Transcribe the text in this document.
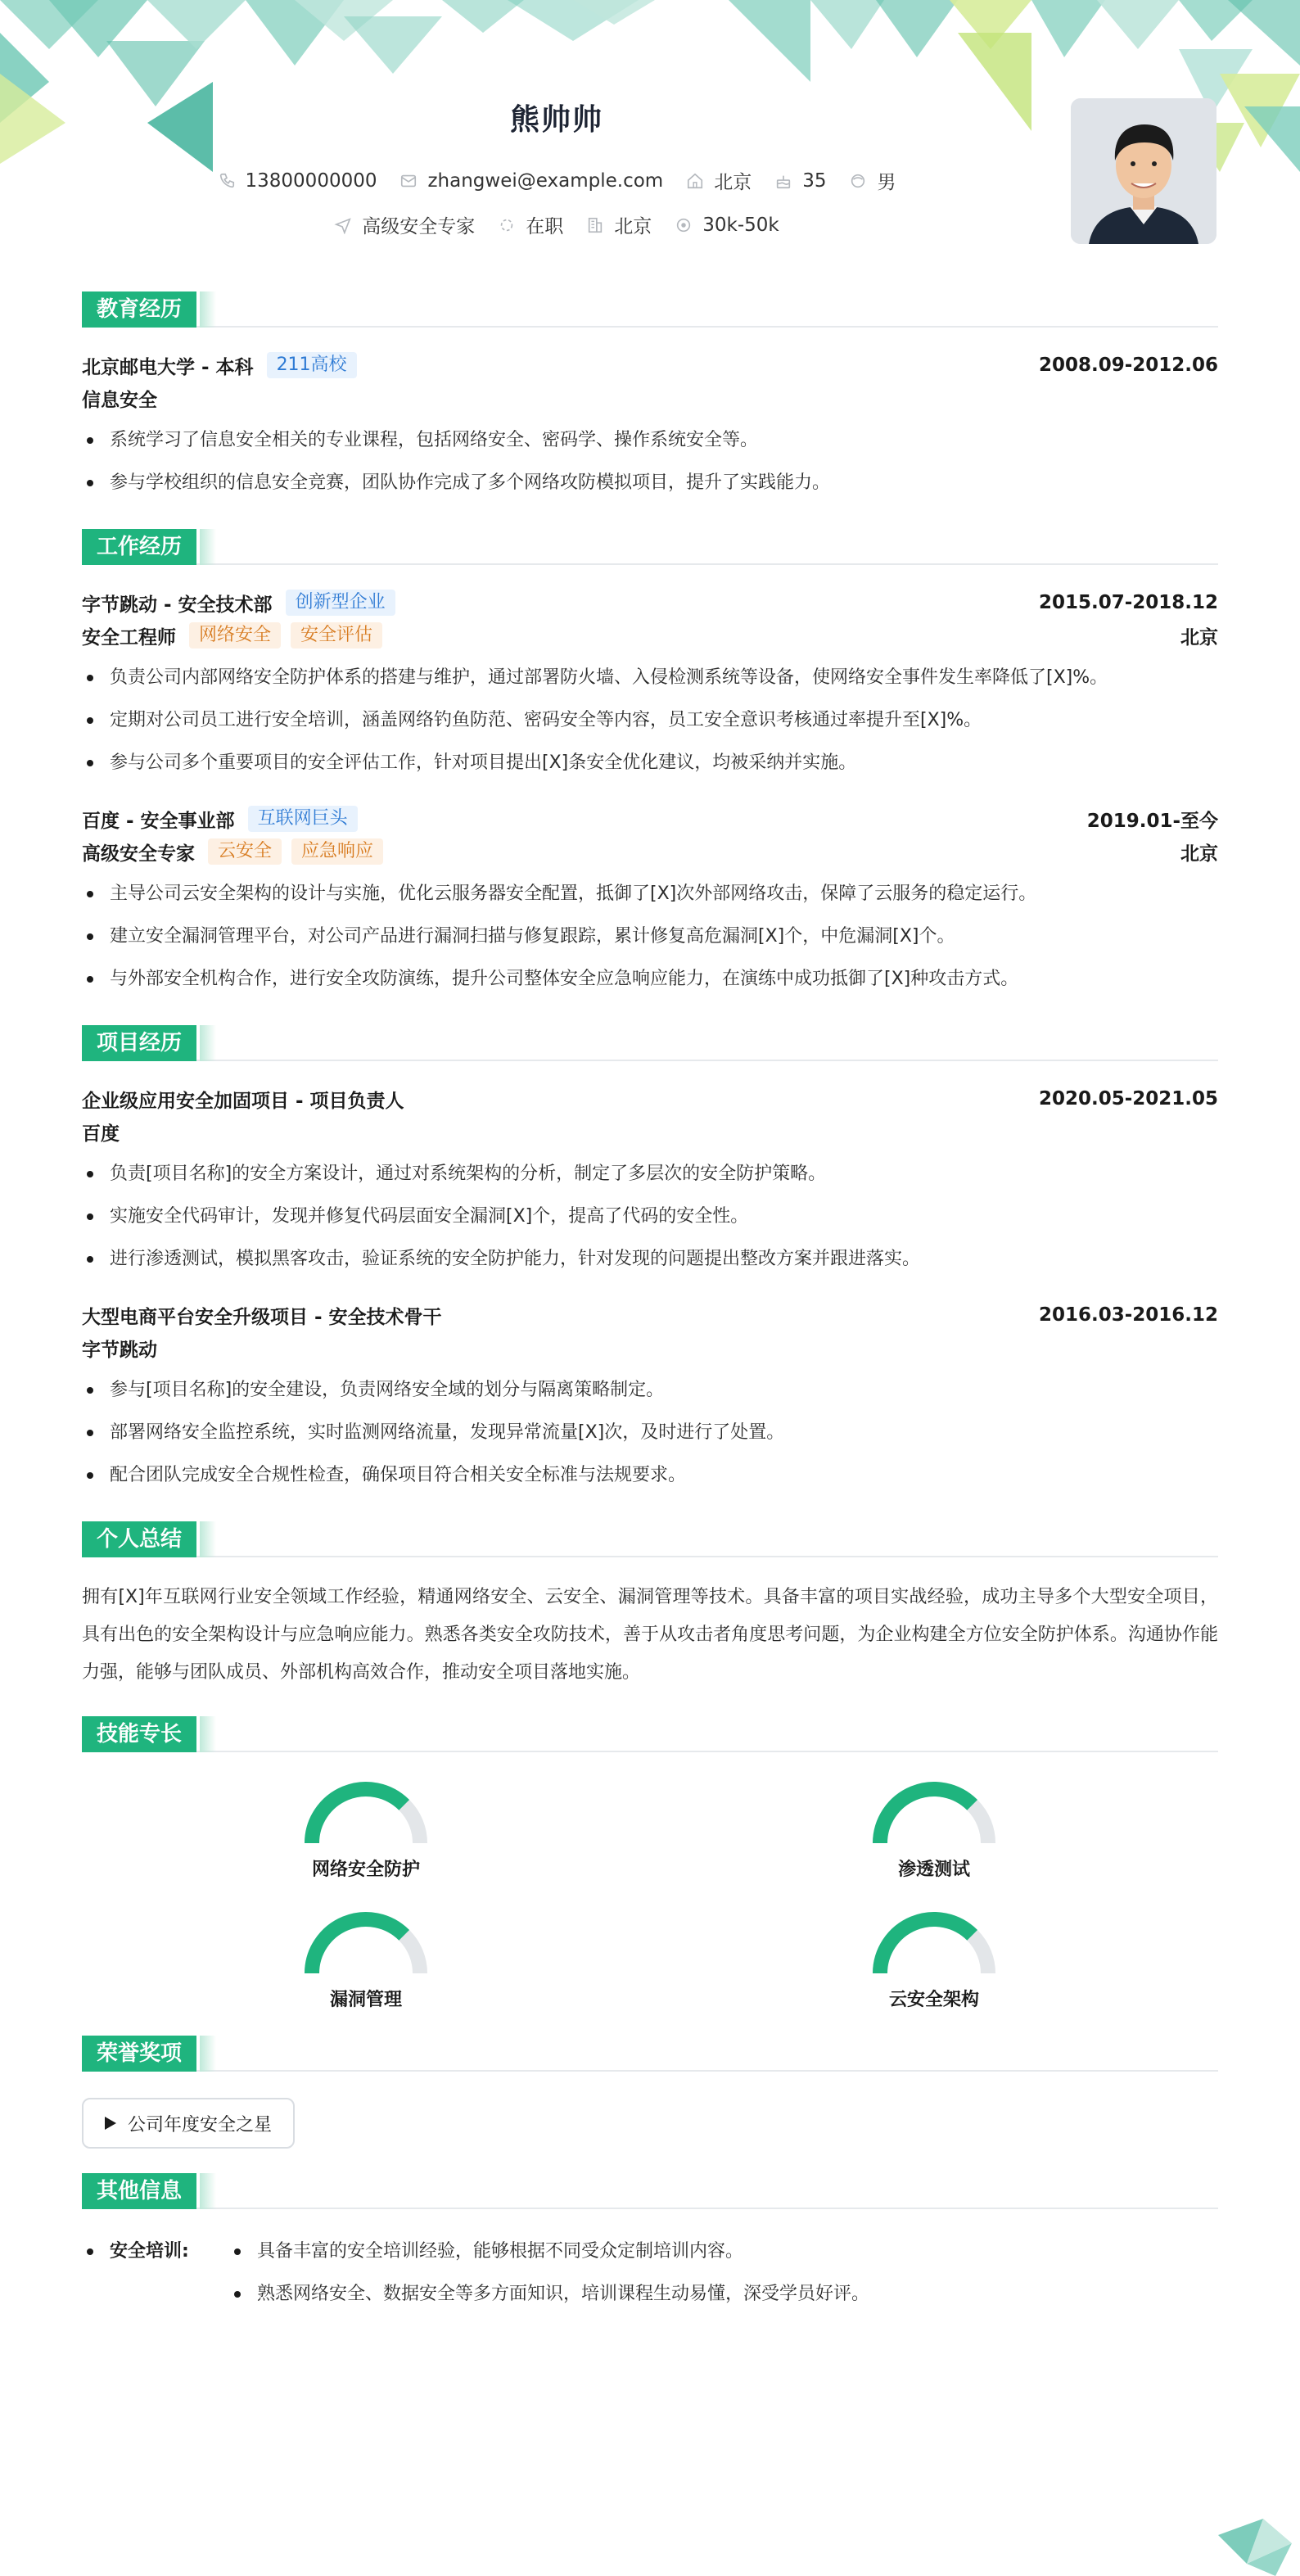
熊帅帅
13800000000	zhangwei@example.com	北京	35	男
高级安全专家	在职	北京	30k-50k
教育经历
北京邮电大学 - 本科	211高校	2008.09-2012.06
信息安全
系统学习了信息安全相关的专业课程，包括网络安全、密码学、操作系统安全等。
参与学校组织的信息安全竞赛，团队协作完成了多个网络攻防模拟项目，提升了实践能力。
工作经历
字节跳动 - 安全技术部	创新型企业	2015.07-2018.12
安全工程师	网络安全	安全评估	北京
负责公司内部网络安全防护体系的搭建与维护，通过部署防火墙、入侵检测系统等设备，使网络安全事件发生率降低了[X]%。
定期对公司员工进行安全培训，涵盖网络钓鱼防范、密码安全等内容，员工安全意识考核通过率提升至[X]%。
参与公司多个重要项目的安全评估工作，针对项目提出[X]条安全优化建议，均被采纳并实施。
百度 - 安全事业部	互联网巨头	2019.01-至今
高级安全专家	云安全	应急响应	北京
主导公司云安全架构的设计与实施，优化云服务器安全配置，抵御了[X]次外部网络攻击，保障了云服务的稳定运行。
建立安全漏洞管理平台，对公司产品进行漏洞扫描与修复跟踪，累计修复高危漏洞[X]个，中危漏洞[X]个。
与外部安全机构合作，进行安全攻防演练，提升公司整体安全应急响应能力，在演练中成功抵御了[X]种攻击方式。
项目经历
企业级应用安全加固项目 - 项目负责人	2020.05-2021.05
百度
负责[项目名称]的安全方案设计，通过对系统架构的分析，制定了多层次的安全防护策略。
实施安全代码审计，发现并修复代码层面安全漏洞[X]个，提高了代码的安全性。
进行渗透测试，模拟黑客攻击，验证系统的安全防护能力，针对发现的问题提出整改方案并跟进落实。
大型电商平台安全升级项目 - 安全技术骨干	2016.03-2016.12
字节跳动
参与[项目名称]的安全建设，负责网络安全域的划分与隔离策略制定。
部署网络安全监控系统，实时监测网络流量，发现异常流量[X]次，及时进行了处置。
配合团队完成安全合规性检查，确保项目符合相关安全标准与法规要求。
个人总结

拥有[X]年互联网行业安全领域工作经验，精通网络安全、云安全、漏洞管理等技术。具备丰富的项目实战经验，成功主导多个大型安全项目，具有出色的安全架构设计与应急响应能力。熟悉各类安全攻防技术，善于从攻击者角度思考问题，为企业构建全方位安全防护体系。沟通协作能力强，能够与团队成员、外部机构高效合作，推动安全项目落地实施。

技能专长
网络安全防护	渗透测试
漏洞管理	云安全架构
荣誉奖项
公司年度安全之星
其他信息
安全培训:	具备丰富的安全培训经验，能够根据不同受众定制培训内容。
熟悉网络安全、数据安全等多方面知识，培训课程生动易懂，深受学员好评。
